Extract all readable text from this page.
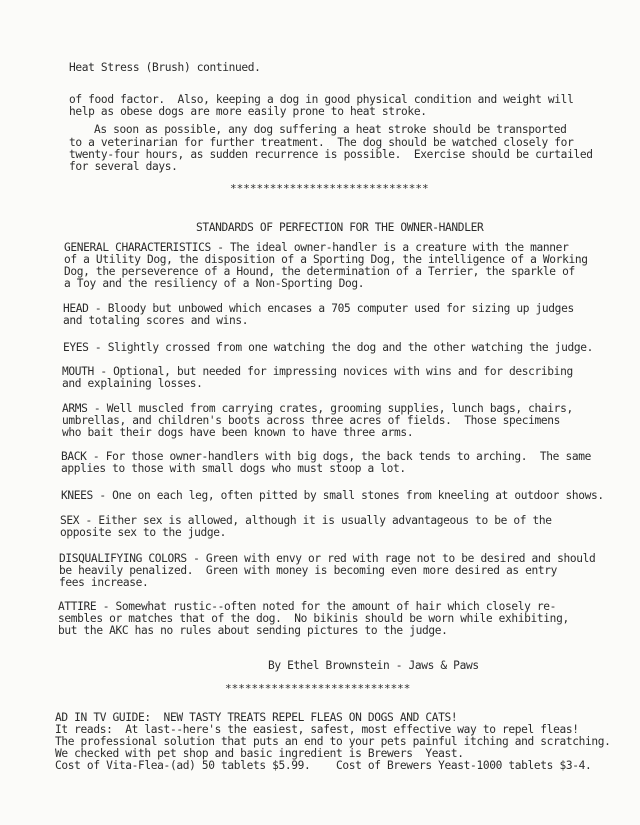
Heat Stress (Brush) continued.
of food factor.  Also, keeping a dog in good physical condition and weight will
help as obese dogs are more easily prone to heat stroke.
As soon as possible, any dog suffering a heat stroke should be transported
to a veterinarian for further treatment.  The dog should be watched closely for
twenty-four hours, as sudden recurrence is possible.  Exercise should be curtailed
for several days.
******************************
STANDARDS OF PERFECTION FOR THE OWNER-HANDLER
GENERAL CHARACTERISTICS - The ideal owner-handler is a creature with the manner
of a Utility Dog, the disposition of a Sporting Dog, the intelligence of a Working
Dog, the perseverence of a Hound, the determination of a Terrier, the sparkle of
a Toy and the resiliency of a Non-Sporting Dog.
HEAD - Bloody but unbowed which encases a 705 computer used for sizing up judges
and totaling scores and wins.
EYES - Slightly crossed from one watching the dog and the other watching the judge.
MOUTH - Optional, but needed for impressing novices with wins and for describing
and explaining losses.
ARMS - Well muscled from carrying crates, grooming supplies, lunch bags, chairs,
umbrellas, and children's boots across three acres of fields.  Those specimens
who bait their dogs have been known to have three arms.
BACK - For those owner-handlers with big dogs, the back tends to arching.  The same
applies to those with small dogs who must stoop a lot.
KNEES - One on each leg, often pitted by small stones from kneeling at outdoor shows.
SEX - Either sex is allowed, although it is usually advantageous to be of the
opposite sex to the judge.
DISQUALIFYING COLORS - Green with envy or red with rage not to be desired and should
be heavily penalized.  Green with money is becoming even more desired as entry
fees increase.
ATTIRE - Somewhat rustic--often noted for the amount of hair which closely re-
sembles or matches that of the dog.  No bikinis should be worn while exhibiting,
but the AKC has no rules about sending pictures to the judge.
By Ethel Brownstein - Jaws & Paws
****************************
AD IN TV GUIDE:  NEW TASTY TREATS REPEL FLEAS ON DOGS AND CATS!
It reads:  At last--here's the easiest, safest, most effective way to repel fleas!
The professional solution that puts an end to your pets painful itching and scratching.
We checked with pet shop and basic ingredient is Brewers  Yeast.
Cost of Vita-Flea-(ad) 50 tablets $5.99.    Cost of Brewers Yeast-1000 tablets $3-4.
